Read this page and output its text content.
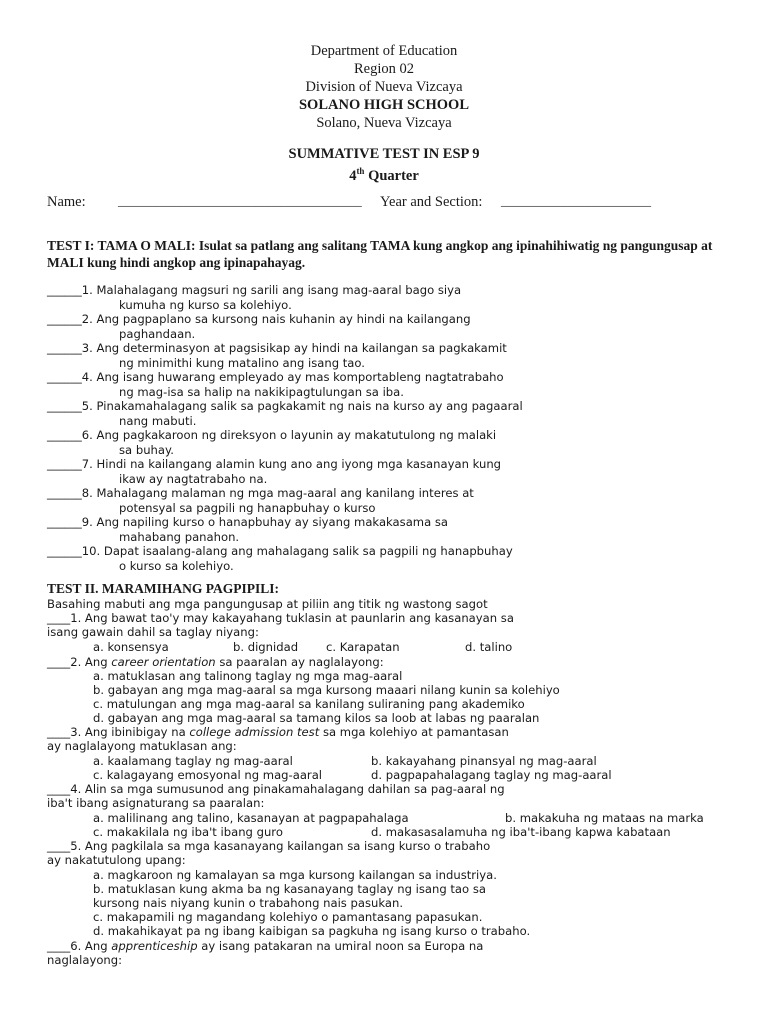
Department of Education
Region 02
Division of Nueva Vizcaya
SOLANO HIGH SCHOOL
Solano, Nueva Vizcaya
SUMMATIVE TEST IN ESP 9
4th Quarter
Name:	_______________________________________ Year and Section: ________________________
TEST I: TAMA O MALI: Isulat sa patlang ang salitang TAMA kung angkop ang ipinahihiwatig ng pangungusap at MALI kung hindi angkop ang ipinapahayag.
______1. Malahalagang magsuri ng sarili ang isang mag-aaral bago siya
kumuha ng kurso sa kolehiyo.
______2. Ang pagpaplano sa kursong nais kuhanin ay hindi na kailangang
paghandaan.
______3. Ang determinasyon at pagsisikap ay hindi na kailangan sa pagkakamit
ng minimithi kung matalino ang isang tao.
______4. Ang isang huwarang empleyado ay mas komportableng nagtatrabaho
ng mag-isa sa halip na nakikipagtulungan sa iba.
______5. Pinakamahalagang salik sa pagkakamit ng nais na kurso ay ang pagaaral
nang mabuti.
______6. Ang pagkakaroon ng direksyon o layunin ay makatutulong ng malaki
sa buhay.
______7. Hindi na kailangang alamin kung ano ang iyong mga kasanayan kung
ikaw ay nagtatrabaho na.
______8. Mahalagang malaman ng mga mag-aaral ang kanilang interes at
potensyal sa pagpili ng hanapbuhay o kurso
______9. Ang napiling kurso o hanapbuhay ay siyang makakasama sa
mahabang panahon.
______10. Dapat isaalang-alang ang mahalagang salik sa pagpili ng hanapbuhay
o kurso sa kolehiyo.
TEST II. MARAMIHANG PAGPIPILI:
Basahing mabuti ang mga pangungusap at piliin ang titik ng wastong sagot
____1. Ang bawat tao'y may kakayahang tuklasin at paunlarin ang kasanayan sa
isang gawain dahil sa taglay niyang:
a. konsensya	b. dignidad c. Karapatan	d. talino
____2. Ang career orientation sa paaralan ay naglalayong:
a. matuklasan ang talinong taglay ng mga mag-aaral
b. gabayan ang mga mag-aaral sa mga kursong maaari nilang kunin sa kolehiyo
c. matulungan ang mga mag-aaral sa kanilang suliraning pang akademiko
d. gabayan ang mga mag-aaral sa tamang kilos sa loob at labas ng paaralan
____3. Ang ibinibigay na college admission test sa mga kolehiyo at pamantasan
ay naglalayong matuklasan ang:
a. kaalamang taglay ng mag-aaral	b. kakayahang pinansyal ng mag-aaral
c. kalagayang emosyonal ng mag-aaral	d. pagpapahalagang taglay ng mag-aaral
____4. Alin sa mga sumusunod ang pinakamahalagang dahilan sa pag-aaral ng
iba't ibang asignaturang sa paaralan:
a. malilinang ang talino, kasanayan at pagpapahalaga	b. makakuha ng mataas na marka
c. makakilala ng iba't ibang guro	d. makasasalamuha ng iba't-ibang kapwa kabataan
____5. Ang pagkilala sa mga kasanayang kailangan sa isang kurso o trabaho
ay nakatutulong upang:
a. magkaroon ng kamalayan sa mga kursong kailangan sa industriya.
b. matuklasan kung akma ba ng kasanayang taglay ng isang tao sa
kursong nais niyang kunin o trabahong nais pasukan.
c. makapamili ng magandang kolehiyo o pamantasang papasukan.
d. makahikayat pa ng ibang kaibigan sa pagkuha ng isang kurso o trabaho.
____6. Ang apprenticeship ay isang patakaran na umiral noon sa Europa na
naglalayong:
